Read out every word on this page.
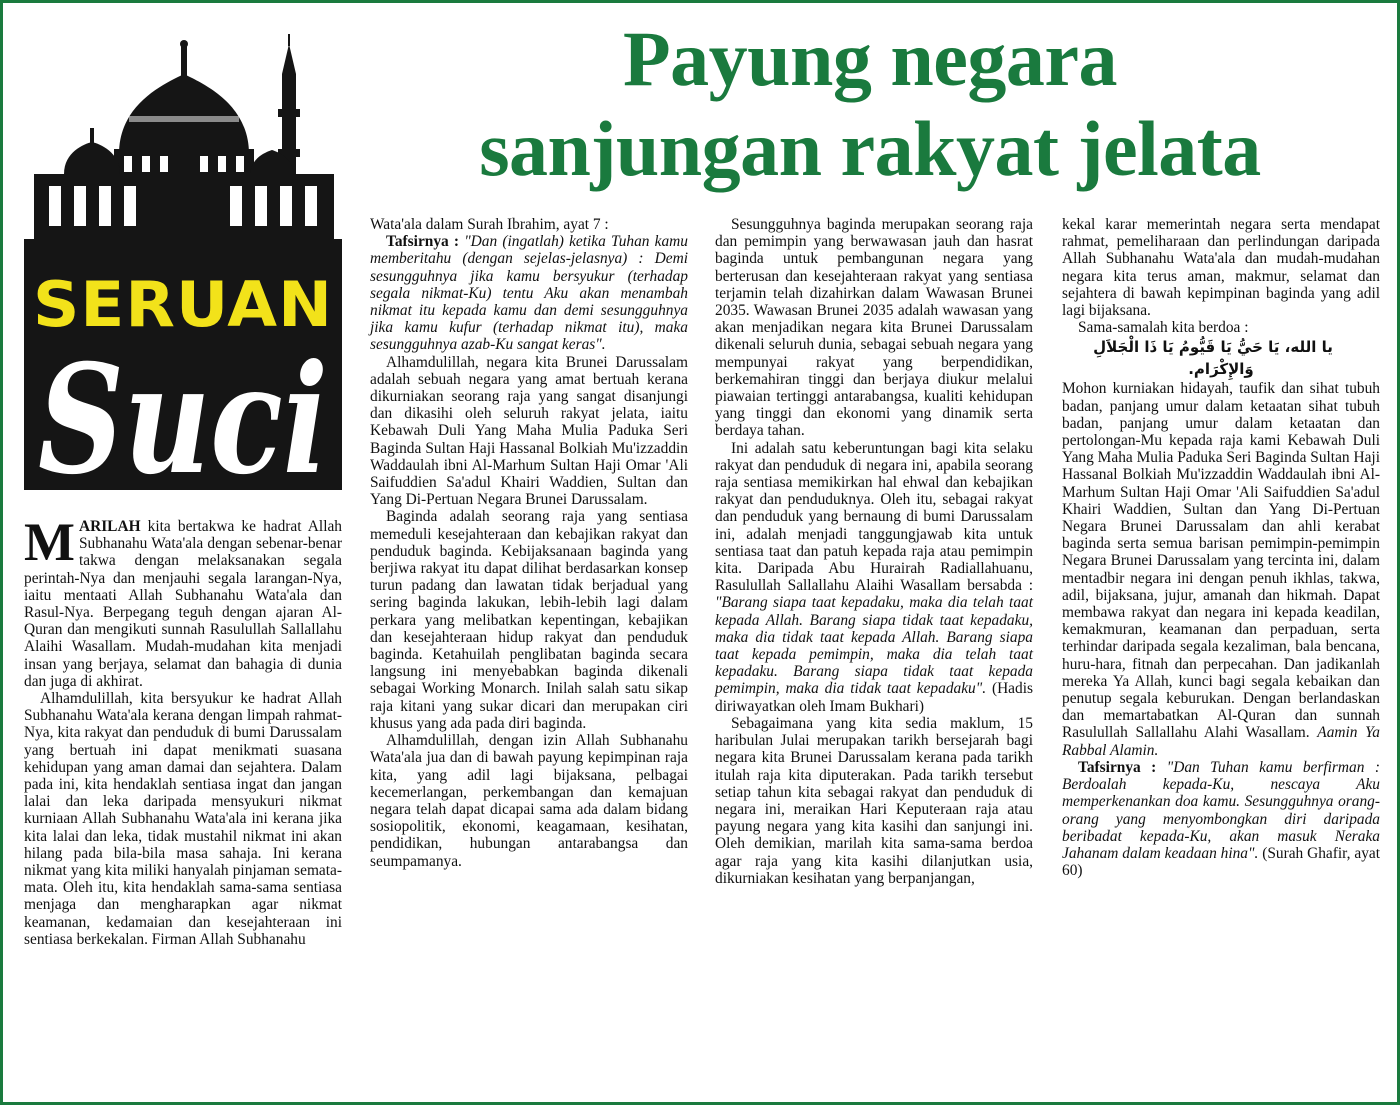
SERUAN
Suci
Payung negara
sanjungan rakyat jelata

MARILAH kita bertakwa ke hadrat Allah Subhanahu Wata'ala dengan sebenar-benar takwa dengan melaksanakan segala perintah-Nya dan menjauhi segala larangan-Nya, iaitu mentaati Allah Subhanahu Wata'ala dan Rasul-Nya. Berpegang teguh dengan ajaran Al-Quran dan mengikuti sunnah Rasulullah Sallallahu Alaihi Wasallam. Mudah-mudahan kita menjadi insan yang berjaya, selamat dan bahagia di dunia dan juga di akhirat.

Alhamdulillah, kita bersyukur ke hadrat Allah Subhanahu Wata'ala kerana dengan limpah rahmat-Nya, kita rakyat dan penduduk di bumi Darussalam yang bertuah ini dapat menikmati suasana kehidupan yang aman damai dan sejahtera. Dalam pada ini, kita hendaklah sentiasa ingat dan jangan lalai dan leka daripada mensyukuri nikmat kurniaan Allah Subhanahu Wata'ala ini kerana jika kita lalai dan leka, tidak mustahil nikmat ini akan hilang pada bila-bila masa sahaja. Ini kerana nikmat yang kita miliki hanyalah pinjaman semata-mata. Oleh itu, kita hendaklah sama-sama sentiasa menjaga dan mengharapkan agar nikmat keamanan, kedamaian dan kesejahteraan ini sentiasa berkekalan. Firman Allah Subhanahu

Wata'ala dalam Surah Ibrahim, ayat 7 :

Tafsirnya : "Dan (ingatlah) ketika Tuhan kamu memberitahu (dengan sejelas-jelasnya) : Demi sesungguhnya jika kamu bersyukur (terhadap segala nikmat-Ku) tentu Aku akan menambah nikmat itu kepada kamu dan demi sesungguhnya jika kamu kufur (terhadap nikmat itu), maka sesungguhnya azab-Ku sangat keras".

Alhamdulillah, negara kita Brunei Darussalam adalah sebuah negara yang amat bertuah kerana dikurniakan seorang raja yang sangat disanjungi dan dikasihi oleh seluruh rakyat jelata, iaitu Kebawah Duli Yang Maha Mulia Paduka Seri Baginda Sultan Haji Hassanal Bolkiah Mu'izzaddin Waddaulah ibni Al-Marhum Sultan Haji Omar 'Ali Saifuddien Sa'adul Khairi Waddien, Sultan dan Yang Di-Pertuan Negara Brunei Darussalam.

Baginda adalah seorang raja yang sentiasa memeduli kesejahteraan dan kebajikan rakyat dan penduduk baginda. Kebijaksanaan baginda yang berjiwa rakyat itu dapat dilihat berdasarkan konsep turun padang dan lawatan tidak berjadual yang sering baginda lakukan, lebih-lebih lagi dalam perkara yang melibatkan kepentingan, kebajikan dan kesejahteraan hidup rakyat dan penduduk baginda. Ketahuilah penglibatan baginda secara langsung ini menyebabkan baginda dikenali sebagai Working Monarch. Inilah salah satu sikap raja kitani yang sukar dicari dan merupakan ciri khusus yang ada pada diri baginda.

Alhamdulillah, dengan izin Allah Subhanahu Wata'ala jua dan di bawah payung kepimpinan raja kita, yang adil lagi bijaksana, pelbagai kecemerlangan, perkembangan dan kemajuan negara telah dapat dicapai sama ada dalam bidang sosiopolitik, ekonomi, keagamaan, kesihatan, pendidikan, hubungan antarabangsa dan seumpamanya.

Sesungguhnya baginda merupakan seorang raja dan pemimpin yang berwawasan jauh dan hasrat baginda untuk pembangunan negara yang berterusan dan kesejahteraan rakyat yang sentiasa terjamin telah dizahirkan dalam Wawasan Brunei 2035. Wawasan Brunei 2035 adalah wawasan yang akan menjadikan negara kita Brunei Darussalam dikenali seluruh dunia, sebagai sebuah negara yang mempunyai rakyat yang berpendidikan, berkemahiran tinggi dan berjaya diukur melalui piawaian tertinggi antarabangsa, kualiti kehidupan yang tinggi dan ekonomi yang dinamik serta berdaya tahan.

Ini adalah satu keberuntungan bagi kita selaku rakyat dan penduduk di negara ini, apabila seorang raja sentiasa memikirkan hal ehwal dan kebajikan rakyat dan penduduknya. Oleh itu, sebagai rakyat dan penduduk yang bernaung di bumi Darussalam ini, adalah menjadi tanggungjawab kita untuk sentiasa taat dan patuh kepada raja atau pemimpin kita. Daripada Abu Hurairah Radiallahuanu, Rasulullah Sallallahu Alaihi Wasallam bersabda : "Barang siapa taat kepadaku, maka dia telah taat kepada Allah. Barang siapa tidak taat kepadaku, maka dia tidak taat kepada Allah. Barang siapa taat kepada pemimpin, maka dia telah taat kepadaku. Barang siapa tidak taat kepada pemimpin, maka dia tidak taat kepadaku". (Hadis diriwayatkan oleh Imam Bukhari)

Sebagaimana yang kita sedia maklum, 15 haribulan Julai merupakan tarikh bersejarah bagi negara kita Brunei Darussalam kerana pada tarikh itulah raja kita diputerakan. Pada tarikh tersebut setiap tahun kita sebagai rakyat dan penduduk di negara ini, meraikan Hari Keputeraan raja atau payung negara yang kita kasihi dan sanjungi ini. Oleh demikian, marilah kita sama-sama berdoa agar raja yang kita kasihi dilanjutkan usia, dikurniakan kesihatan yang berpanjangan,

kekal karar memerintah negara serta mendapat rahmat, pemeliharaan dan perlindungan daripada Allah Subhanahu Wata'ala dan mudah-mudahan negara kita terus aman, makmur, selamat dan sejahtera di bawah kepimpinan baginda yang adil lagi bijaksana.

Sama-samalah kita berdoa :

يا الله، يَا حَيُّ يَا قَيُّومُ يَا ذَا الْجَلاَلِ وَالإِكْرَام.

Mohon kurniakan hidayah, taufik dan sihat tubuh badan, panjang umur dalam ketaatan sihat tubuh badan, panjang umur dalam ketaatan dan pertolongan-Mu kepada raja kami Kebawah Duli Yang Maha Mulia Paduka Seri Baginda Sultan Haji Hassanal Bolkiah Mu'izzaddin Waddaulah ibni Al-Marhum Sultan Haji Omar 'Ali Saifuddien Sa'adul Khairi Waddien, Sultan dan Yang Di-Pertuan Negara Brunei Darussalam dan ahli kerabat baginda serta semua barisan pemimpin-pemimpin Negara Brunei Darussalam yang tercinta ini, dalam mentadbir negara ini dengan penuh ikhlas, takwa, adil, bijaksana, jujur, amanah dan hikmah. Dapat membawa rakyat dan negara ini kepada keadilan, kemakmuran, keamanan dan perpaduan, serta terhindar daripada segala kezaliman, bala bencana, huru-hara, fitnah dan perpecahan. Dan jadikanlah mereka Ya Allah, kunci bagi segala kebaikan dan penutup segala keburukan. Dengan berlandaskan dan memartabatkan Al-Quran dan sunnah Rasulullah Sallallahu Alahi Wasallam. Aamin Ya Rabbal Alamin.

Tafsirnya : "Dan Tuhan kamu berfirman : Berdoalah kepada-Ku, nescaya Aku memperkenankan doa kamu. Sesungguhnya orang-orang yang menyombongkan diri daripada beribadat kepada-Ku, akan masuk Neraka Jahanam dalam keadaan hina". (Surah Ghafir, ayat 60)
